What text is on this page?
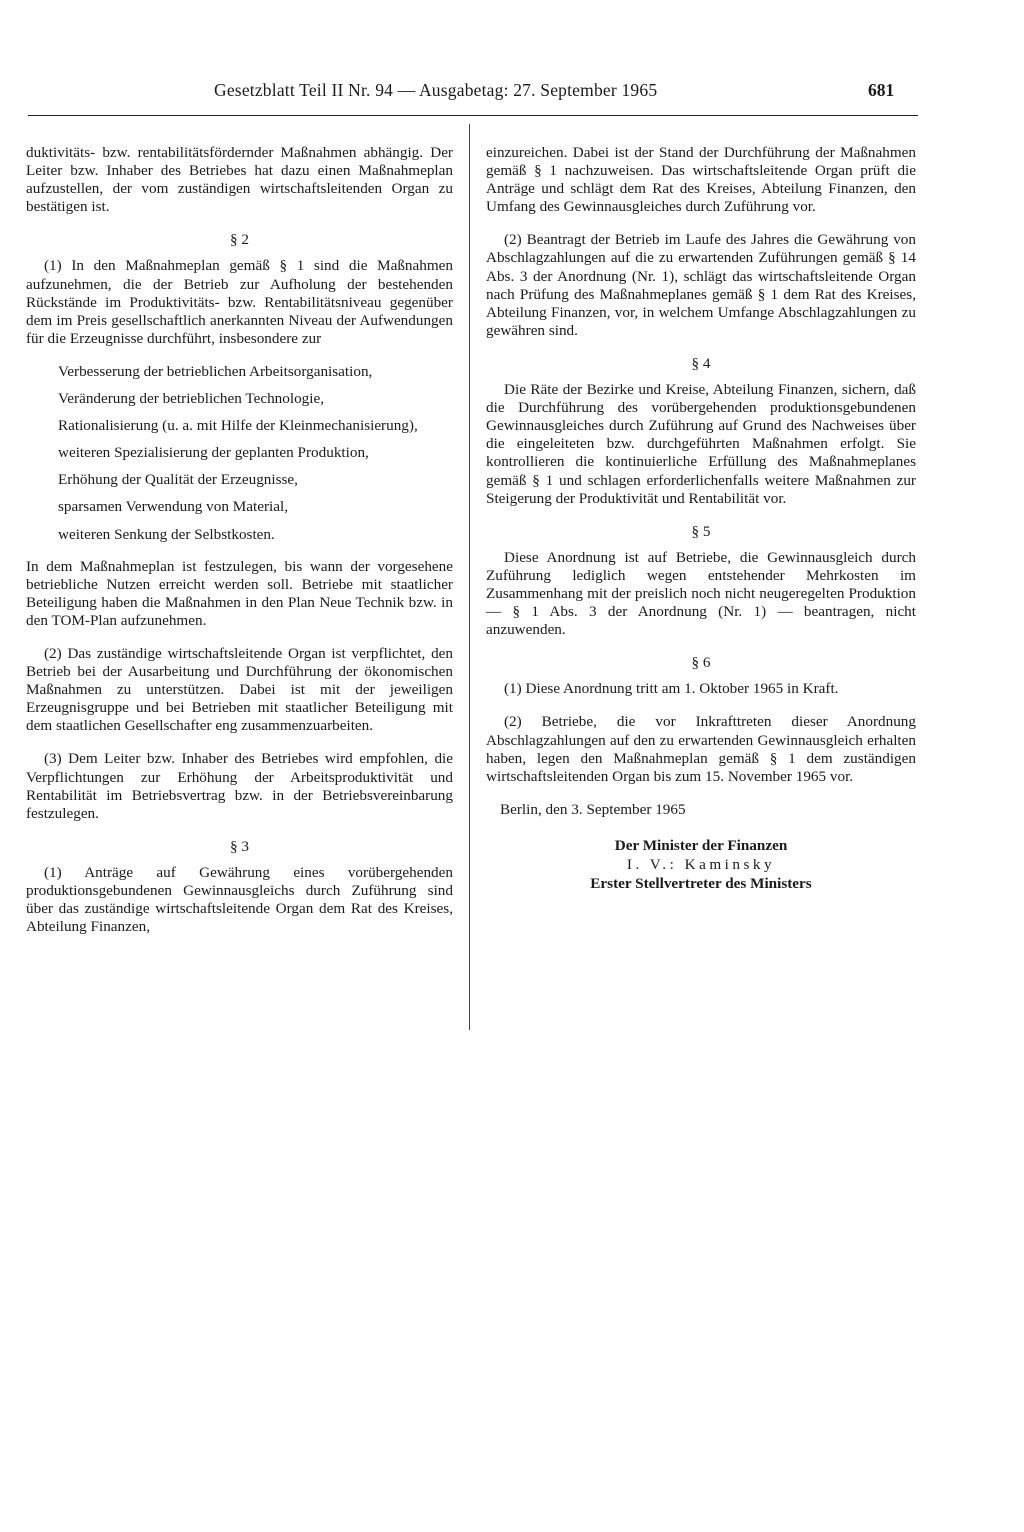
Gesetzblatt Teil II Nr. 94 — Ausgabetag: 27. September 1965	681

duktivitäts- bzw. rentabilitätsfördernder Maßnahmen abhängig. Der Leiter bzw. Inhaber des Betriebes hat dazu einen Maßnahmeplan aufzustellen, der vom zuständigen wirtschaftsleitenden Organ zu bestätigen ist.

§ 2

(1) In den Maßnahmeplan gemäß § 1 sind die Maßnahmen aufzunehmen, die der Betrieb zur Aufholung der bestehenden Rückstände im Produktivitäts- bzw. Rentabilitätsniveau gegenüber dem im Preis gesellschaftlich anerkannten Niveau der Aufwendungen für die Erzeugnisse durchführt, insbesondere zur

Verbesserung der betrieblichen Arbeitsorganisation,
Veränderung der betrieblichen Technologie,
Rationalisierung (u. a. mit Hilfe der Kleinmechanisierung),
weiteren Spezialisierung der geplanten Produktion,
Erhöhung der Qualität der Erzeugnisse,
sparsamen Verwendung von Material,
weiteren Senkung der Selbstkosten.

In dem Maßnahmeplan ist festzulegen, bis wann der vorgesehene betriebliche Nutzen erreicht werden soll. Betriebe mit staatlicher Beteiligung haben die Maßnahmen in den Plan Neue Technik bzw. in den TOM-Plan aufzunehmen.

(2) Das zuständige wirtschaftsleitende Organ ist verpflichtet, den Betrieb bei der Ausarbeitung und Durchführung der ökonomischen Maßnahmen zu unterstützen. Dabei ist mit der jeweiligen Erzeugnisgruppe und bei Betrieben mit staatlicher Beteiligung mit dem staatlichen Gesellschafter eng zusammenzuarbeiten.

(3) Dem Leiter bzw. Inhaber des Betriebes wird empfohlen, die Verpflichtungen zur Erhöhung der Arbeitsproduktivität und Rentabilität im Betriebsvertrag bzw. in der Betriebsvereinbarung festzulegen.

§ 3

(1) Anträge auf Gewährung eines vorübergehenden produktionsgebundenen Gewinnausgleichs durch Zuführung sind über das zuständige wirtschaftsleitende Organ dem Rat des Kreises, Abteilung Finanzen,

einzureichen. Dabei ist der Stand der Durchführung der Maßnahmen gemäß § 1 nachzuweisen. Das wirtschaftsleitende Organ prüft die Anträge und schlägt dem Rat des Kreises, Abteilung Finanzen, den Umfang des Gewinnausgleiches durch Zuführung vor.

(2) Beantragt der Betrieb im Laufe des Jahres die Gewährung von Abschlagzahlungen auf die zu erwartenden Zuführungen gemäß § 14 Abs. 3 der Anordnung (Nr. 1), schlägt das wirtschaftsleitende Organ nach Prüfung des Maßnahmeplanes gemäß § 1 dem Rat des Kreises, Abteilung Finanzen, vor, in welchem Umfange Abschlagzahlungen zu gewähren sind.

§ 4

Die Räte der Bezirke und Kreise, Abteilung Finanzen, sichern, daß die Durchführung des vorübergehenden produktionsgebundenen Gewinnausgleiches durch Zuführung auf Grund des Nachweises über die eingeleiteten bzw. durchgeführten Maßnahmen erfolgt. Sie kontrollieren die kontinuierliche Erfüllung des Maßnahmeplanes gemäß § 1 und schlagen erforderlichenfalls weitere Maßnahmen zur Steigerung der Produktivität und Rentabilität vor.

§ 5

Diese Anordnung ist auf Betriebe, die Gewinnausgleich durch Zuführung lediglich wegen entstehender Mehrkosten im Zusammenhang mit der preislich noch nicht neugeregelten Produktion — § 1 Abs. 3 der Anordnung (Nr. 1) — beantragen, nicht anzuwenden.

§ 6

(1) Diese Anordnung tritt am 1. Oktober 1965 in Kraft.

(2) Betriebe, die vor Inkrafttreten dieser Anordnung Abschlagzahlungen auf den zu erwartenden Gewinnausgleich erhalten haben, legen den Maßnahmeplan gemäß § 1 dem zuständigen wirtschaftsleitenden Organ bis zum 15. November 1965 vor.

Berlin, den 3. September 1965

Der Minister der Finanzen
I. V.: Kaminsky
Erster Stellvertreter des Ministers
